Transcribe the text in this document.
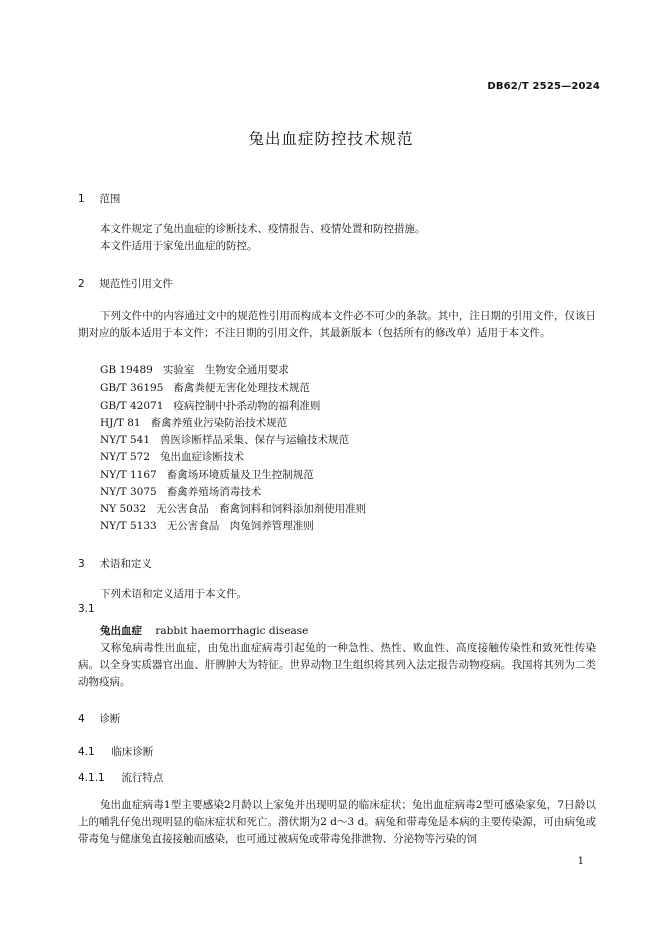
DB62/T 2525—2024
兔出血症防控技术规范
1 范围

本文件规定了兔出血症的诊断技术、疫情报告、疫情处置和防控措施。

本文件适用于家兔出血症的防控。

2 规范性引用文件

下列文件中的内容通过文中的规范性引用而构成本文件必不可少的条款。其中，注日期的引用文件，仅该日期对应的版本适用于本文件；不注日期的引用文件，其最新版本（包括所有的修改单）适用于本文件。

GB 19489 实验室　生物安全通用要求
GB/T 36195 畜禽粪便无害化处理技术规范
GB/T 42071 疫病控制中扑杀动物的福利准则
HJ/T 81 畜禽养殖业污染防治技术规范
NY/T 541 兽医诊断样品采集、保存与运输技术规范
NY/T 572 兔出血症诊断技术
NY/T 1167 畜禽场环境质量及卫生控制规范
NY/T 3075 畜禽养殖场消毒技术
NY 5032 无公害食品　畜禽饲料和饲料添加剂使用准则
NY/T 5133 无公害食品　肉兔饲养管理准则
3 术语和定义

下列术语和定义适用于本文件。

3.1
兔出血症 rabbit haemorrhagic disease

又称兔病毒性出血症，由兔出血症病毒引起兔的一种急性、热性、败血性、高度接触传染性和致死性传染病。以全身实质器官出血、肝脾肿大为特征。世界动物卫生组织将其列入法定报告动物疫病。我国将其列为二类动物疫病。

4 诊断
4.1 临床诊断
4.1.1 流行特点

兔出血症病毒1型主要感染2月龄以上家兔并出现明显的临床症状；兔出血症病毒2型可感染家兔，7日龄以上的哺乳仔兔出现明显的临床症状和死亡。潜伏期为2 d～3 d。病兔和带毒兔是本病的主要传染源，可由病兔或带毒兔与健康兔直接接触而感染，也可通过被病兔或带毒兔排泄物、分泌物等污染的饲

1
